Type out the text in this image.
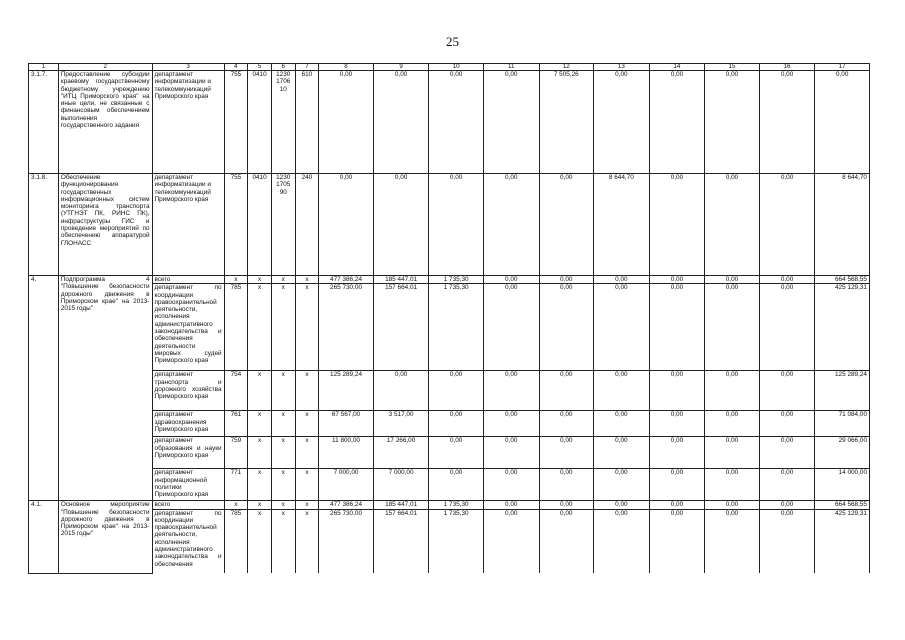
25
1	2	3	4	5	6	7	8	9	10	11	12	13	14	15	16	17
3.1.7.	Предоставление субсидии краевому государственному бюджетному учреждению "ИТЦ Приморского края" на иные цели, не связанные с финансовым обеспечением выполнения государственного задания	департамент информатизации и телекоммуникаций Приморского края	755	0410	1230 1706 10	610	0,00	0,00	0,00	0,00	7 505,26	0,00	0,00	0,00	0,00	0,00
3.1.8.	Обеспечение функционирования государственных информационных систем мониторинга транспорта (УТГНЭТ ПК, РИНС ПК), инфраструктуры ГИС и проведение мероприятий по обеспечению аппаратурой ГЛОНАСС	департамент информатизации и телекоммуникаций Приморского края	755	0410	1230 1705 90	240	0,00	0,00	0,00	0,00	0,00	8 644,70	0,00	0,00	0,00	8 644,70
4.	Подпрограмма 4 "Повышение безопасности дорожного движения в Приморском крае" на 2013-2015 годы"	всего	x	x	x	x	477 386,24	185 447,01	1 735,30	0,00	0,00	0,00	0,00	0,00	0,00	664 568,55
		департамент по координации правоохранительной деятельности, исполнения административного законодательства и обеспечения деятельности мировых судей Приморского края	785	x	x	x	265 730,00	157 664,01	1 735,30	0,00	0,00	0,00	0,00	0,00	0,00	425 129,31
		департамент транспорта и дорожного хозяйства Приморского края	754	x	x	x	125 289,24	0,00	0,00	0,00	0,00	0,00	0,00	0,00	0,00	125 289,24
		департамент здравоохранения Приморского края	761	x	x	x	67 567,00	3 517,00	0,00	0,00	0,00	0,00	0,00	0,00	0,00	71 084,00
		департамент образования и науки Приморского края	759	x	x	x	11 800,00	17 266,00	0,00	0,00	0,00	0,00	0,00	0,00	0,00	29 066,00
		департамент информационной политики Приморского края	771	x	x	x	7 000,00	7 000,00	0,00	0,00	0,00	0,00	0,00	0,00	0,00	14 000,00
4.1.	Основное мероприятие "Повышение безопасности дорожного движения в Приморском крае" на 2013-2015 годы"	всего	x	x	x	x	477 386,24	185 447,01	1 735,30	0,00	0,00	0,00	0,00	0,00	0,00	664 568,55
		департамент по координации правоохранительной деятельности, исполнения административного законодательства и обеспечения	785	x	x	x	265 730,00	157 664,01	1 735,30	0,00	0,00	0,00	0,00	0,00	0,00	425 129,31
